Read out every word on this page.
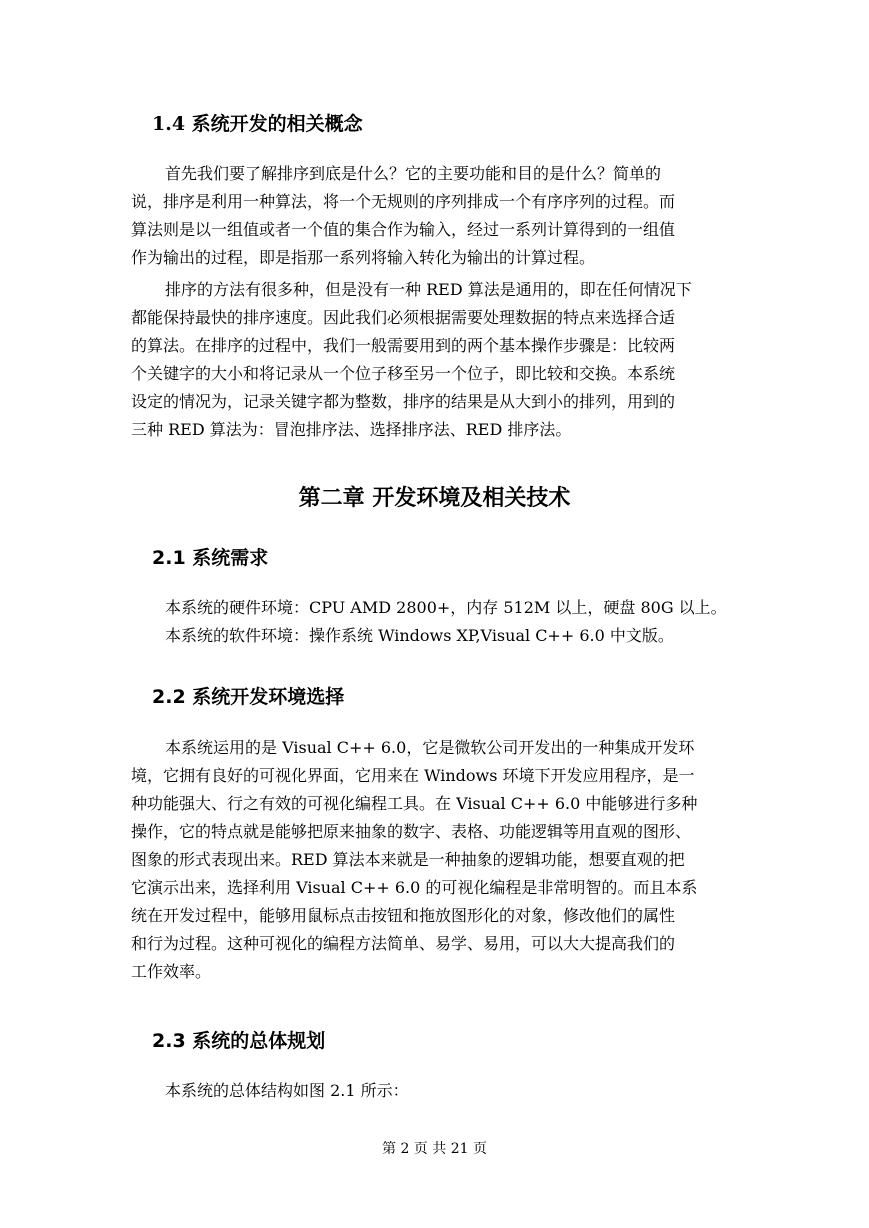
1.4 系统开发的相关概念
首先我们要了解排序到底是什么？它的主要功能和目的是什么？简单的
说，排序是利用一种算法，将一个无规则的序列排成一个有序序列的过程。而
算法则是以一组值或者一个值的集合作为输入，经过一系列计算得到的一组值
作为输出的过程，即是指那一系列将输入转化为输出的计算过程。
排序的方法有很多种，但是没有一种 RED 算法是通用的，即在任何情况下
都能保持最快的排序速度。因此我们必须根据需要处理数据的特点来选择合适
的算法。在排序的过程中，我们一般需要用到的两个基本操作步骤是：比较两
个关键字的大小和将记录从一个位子移至另一个位子，即比较和交换。本系统
设定的情况为，记录关键字都为整数，排序的结果是从大到小的排列，用到的
三种 RED 算法为：冒泡排序法、选择排序法、RED 排序法。
第二章 开发环境及相关技术
2.1 系统需求
本系统的硬件环境：CPU AMD 2800+，内存 512M 以上，硬盘 80G 以上。
本系统的软件环境：操作系统 Windows XP,Visual C++ 6.0 中文版。
2.2 系统开发环境选择
本系统运用的是 Visual C++ 6.0，它是微软公司开发出的一种集成开发环
境，它拥有良好的可视化界面，它用来在 Windows 环境下开发应用程序，是一
种功能强大、行之有效的可视化编程工具。在 Visual C++ 6.0 中能够进行多种
操作，它的特点就是能够把原来抽象的数字、表格、功能逻辑等用直观的图形、
图象的形式表现出来。RED 算法本来就是一种抽象的逻辑功能，想要直观的把
它演示出来，选择利用 Visual C++ 6.0 的可视化编程是非常明智的。而且本系
统在开发过程中，能够用鼠标点击按钮和拖放图形化的对象，修改他们的属性
和行为过程。这种可视化的编程方法简单、易学、易用，可以大大提高我们的
工作效率。
2.3 系统的总体规划
本系统的总体结构如图 2.1 所示：
第 2 页 共 21 页
